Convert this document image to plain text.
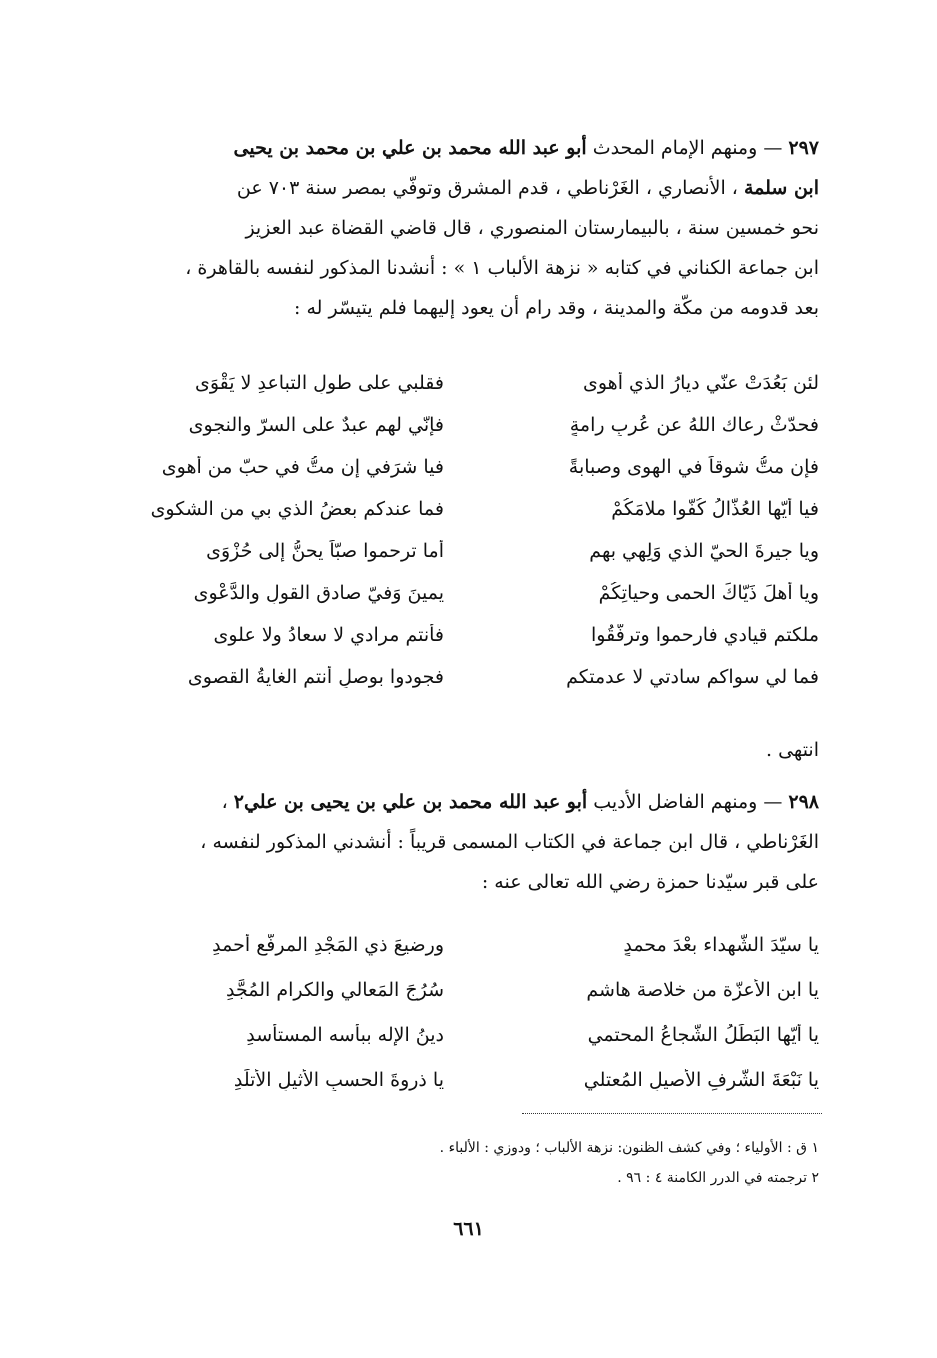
٢٩٧ — ومنهم الإمام المحدث أبو عبد الله محمد بن علي بن محمد بن يحيى
ابن سلمة ، الأنصاري ، الغَرْناطي ، قدم المشرق وتوفّي بمصر سنة ٧٠٣ عن
نحو خمسين سنة ، بالبيمارستان المنصوري ، قال قاضي القضاة عبد العزيز
ابن جماعة الكناني في كتابه « نزهة الألباب ١ » : أنشدنا المذكور لنفسه بالقاهرة ،
بعد قدومه من مكّة والمدينة ، وقد رام أن يعود إليهما فلم يتيسّر له :
لئن بَعُدَتْ عنّي ديارُ الذي أهوى
فقلبي على طولِ التباعدِ لا يَقْوَى
فحدّثْ رعاك اللهُ عن عُربِ رامةٍ
فإنّي لهم عبدٌ على السرّ والنجوى
فإن متُّ شوقاً في الهوى وصبابةً
فيا شرَفي إن متُّ في حبّ من أهوى
فيا أيّها العُذّالُ كُفّوا ملامَكُمْ
فما عندكم بعضُ الذي بي من الشكوى
ويا جيرةَ الحيّ الذي وَلِهي بهم
أما ترحموا صبّاً يحنُّ إلى حُزْوَى
ويا أهلَ ذَيّاكَ الحمى وحياتِكُمْ
يمينَ وَفيّ صادقِ القولِ والدَّعْوى
ملكتم قيادي فارحموا وترفّقُوا
فأنتم مرادي لا سعادُ ولا علوى
فما لي سواكم سادتي لا عدمتكم
فجودوا بوصلٍ أنتم الغايةُ القصوى
انتهى .
٢٩٨ — ومنهم الفاضل الأديب أبو عبد الله محمد بن علي بن يحيى بن علي٢ ،
الغَرْناطي ، قال ابن جماعة في الكتاب المسمى قريباً : أنشدني المذكور لنفسه ،
على قبر سيّدنا حمزة رضي الله تعالى عنه :
يا سيّدَ الشّهداء بعْدَ محمدٍ
ورضيعَ ذي المَجْدِ المرفّعِ أحمدِ
يا ابن الأعزّة من خلاصة هاشمٍ
سُرُجَ المَعالي والكرامِ المُجَّدِ
يا أيّها البَطَلُ الشّجاعُ المحتمي
دينُ الإله ببأسه المستأسدِ
يا نَبْعَةَ الشّرفِ الأصيلِ المُعتلي
يا ذروةَ الحسبِ الأثيلِ الأتلَدِ
١ ق : الأولياء ؛ وفي كشف الظنون: نزهة الألباب ؛ ودوزي : الألباء .
٢ ترجمته في الدرر الكامنة ٤ : ٩٦ .
٦٦١
